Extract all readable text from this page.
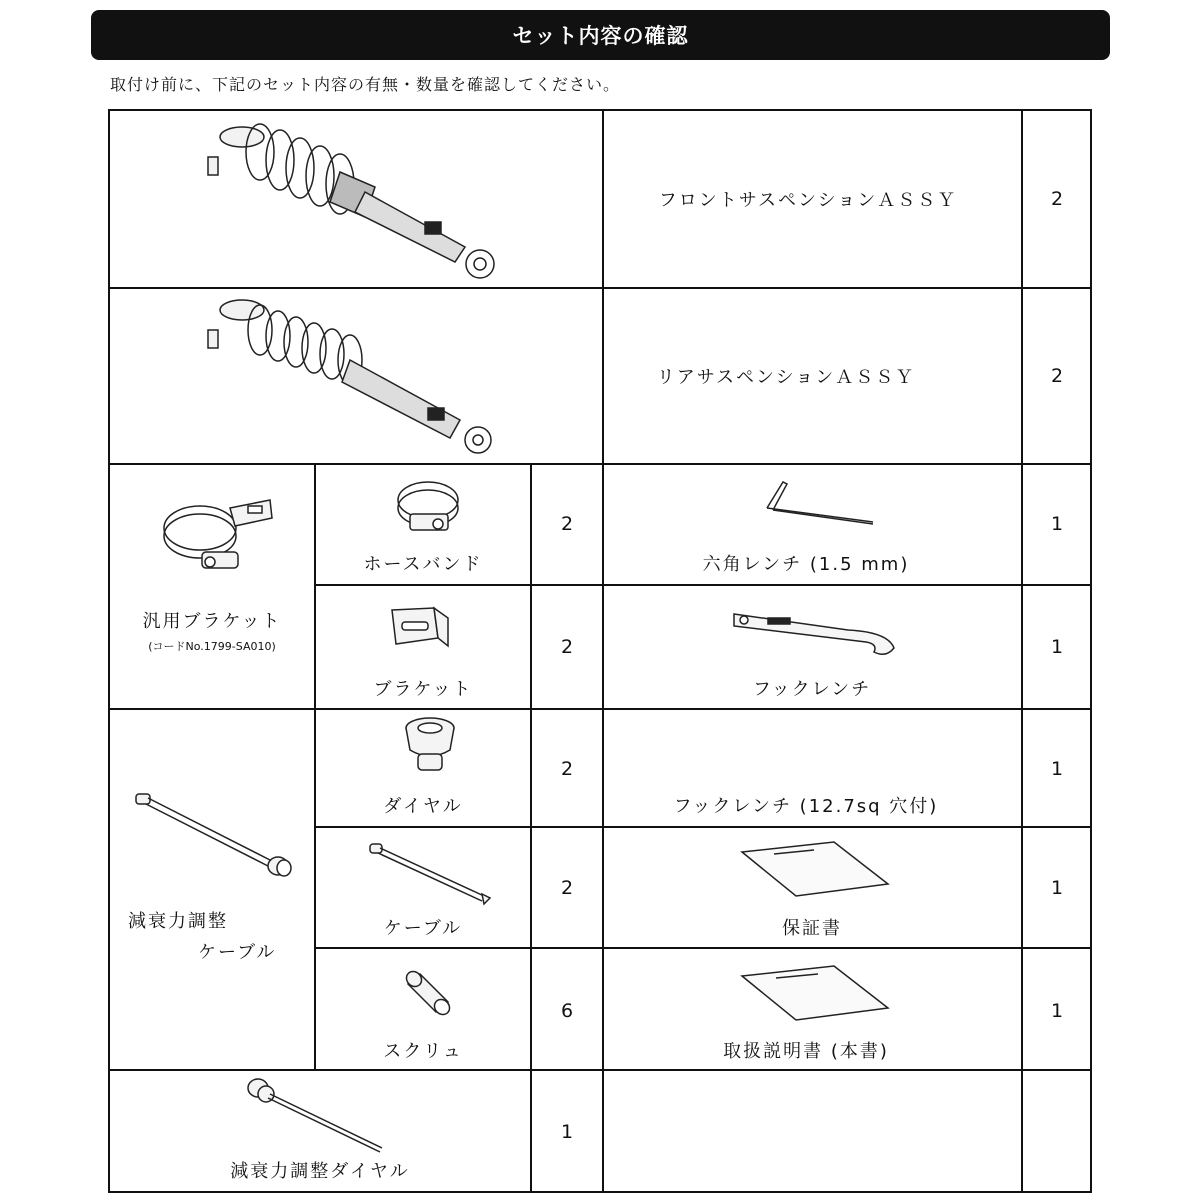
セット内容の確認
取付け前に、下記のセット内容の有無・数量を確認してください。
フロントサスペンションＡＳＳＹ	2
リアサスペンションＡＳＳＹ	2
汎用ブラケット
(コードNo.1799-SA010)
ホースバンド
2
六角レンチ (1.5 mm)
1
ブラケット
2
フックレンチ
1
減衰力調整
ケーブル
ダイヤル
2
フックレンチ (12.7sq 穴付)
1
ケーブル
2
保証書
1
スクリュ
6
取扱説明書 (本書)
1
減衰力調整ダイヤル
1
